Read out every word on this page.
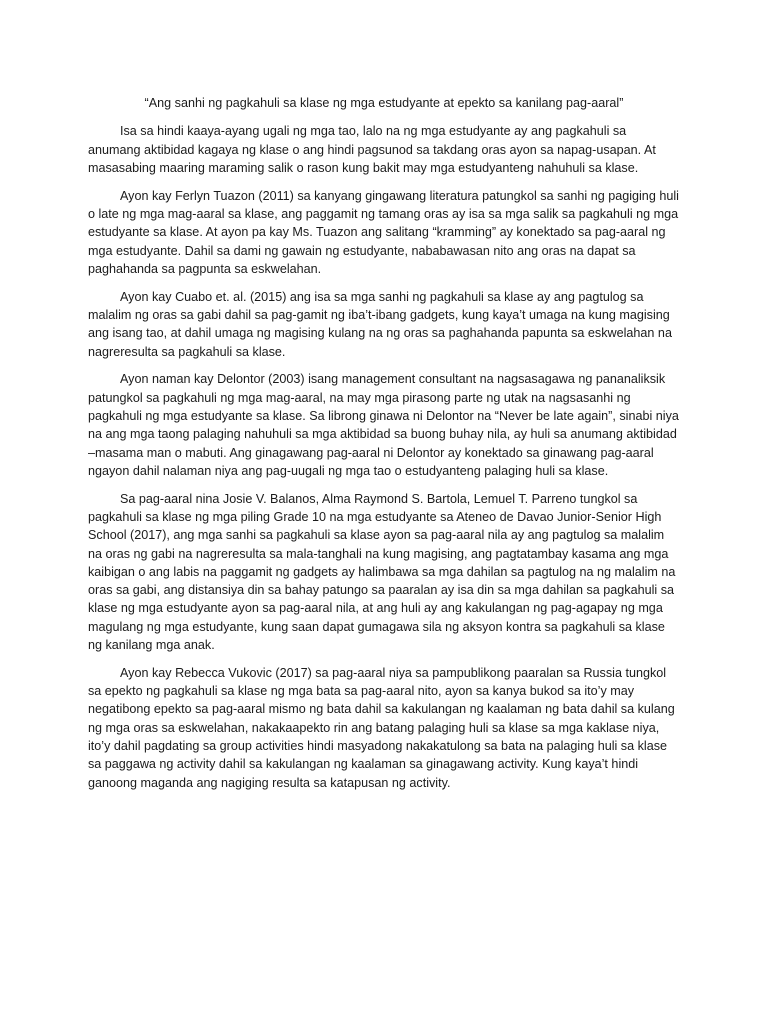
“Ang sanhi ng pagkahuli sa klase ng mga estudyante at epekto sa kanilang pag-aaral”

Isa sa hindi kaaya-ayang ugali ng mga tao, lalo na ng mga estudyante ay ang pagkahuli sa anumang aktibidad kagaya ng klase o ang hindi pagsunod sa takdang oras ayon sa napag-usapan. At masasabing maaring maraming salik o rason kung bakit may mga estudyanteng nahuhuli sa klase.

Ayon kay Ferlyn Tuazon (2011) sa kanyang gingawang literatura patungkol sa sanhi ng pagiging huli o late ng mga mag-aaral sa klase, ang paggamit ng tamang oras ay isa sa mga salik sa pagkahuli ng mga estudyante sa klase. At ayon pa kay Ms. Tuazon ang salitang “kramming” ay konektado sa pag-aaral ng mga estudyante. Dahil sa dami ng gawain ng estudyante, nababawasan nito ang oras na dapat sa paghahanda sa pagpunta sa eskwelahan.

Ayon kay Cuabo et. al. (2015) ang isa sa mga sanhi ng pagkahuli sa klase ay ang pagtulog sa malalim ng oras sa gabi dahil sa pag-gamit ng iba’t-ibang gadgets, kung kaya’t umaga na kung magising ang isang tao, at dahil umaga ng magising kulang na ng oras sa paghahanda papunta sa eskwelahan na nagreresulta sa pagkahuli sa klase.

Ayon naman kay Delontor (2003) isang management consultant na nagsasagawa ng pananaliksik patungkol sa pagkahuli ng mga mag-aaral, na may mga pirasong parte ng utak na nagsasanhi ng pagkahuli ng mga estudyante sa klase. Sa librong ginawa ni Delontor na “Never be late again”, sinabi niya na ang mga taong palaging nahuhuli sa mga aktibidad sa buong buhay nila, ay huli sa anumang aktibidad –masama man o mabuti. Ang ginagawang pag-aaral ni Delontor ay konektado sa ginawang pag-aaral ngayon dahil nalaman niya ang pag-uugali ng mga tao o estudyanteng palaging huli sa klase.

Sa pag-aaral nina Josie V. Balanos, Alma Raymond S. Bartola, Lemuel T. Parreno tungkol sa pagkahuli sa klase ng mga piling Grade 10 na mga estudyante sa Ateneo de Davao Junior-Senior High School (2017), ang mga sanhi sa pagkahuli sa klase ayon sa pag-aaral nila ay ang pagtulog sa malalim na oras ng gabi na nagreresulta sa mala-tanghali na kung magising, ang pagtatambay kasama ang mga kaibigan o ang labis na paggamit ng gadgets ay halimbawa sa mga dahilan sa pagtulog na ng malalim na oras sa gabi, ang distansiya din sa bahay patungo sa paaralan ay isa din sa mga dahilan sa pagkahuli sa klase ng mga estudyante ayon sa pag-aaral nila, at ang huli ay ang kakulangan ng pag-agapay ng mga magulang ng mga estudyante, kung saan dapat gumagawa sila ng aksyon kontra sa pagkahuli sa klase ng kanilang mga anak.

Ayon kay Rebecca Vukovic (2017) sa pag-aaral niya sa pampublikong paaralan sa Russia tungkol sa epekto ng pagkahuli sa klase ng mga bata sa pag-aaral nito, ayon sa kanya bukod sa ito’y may negatibong epekto sa pag-aaral mismo ng bata dahil sa kakulangan ng kaalaman ng bata dahil sa kulang ng mga oras sa eskwelahan, nakakaapekto rin ang batang palaging huli sa klase sa mga kaklase niya, ito’y dahil pagdating sa group activities hindi masyadong nakakatulong sa bata na palaging huli sa klase sa paggawa ng activity dahil sa kakulangan ng kaalaman sa ginagawang activity. Kung kaya’t hindi ganoong maganda ang nagiging resulta sa katapusan ng activity.
